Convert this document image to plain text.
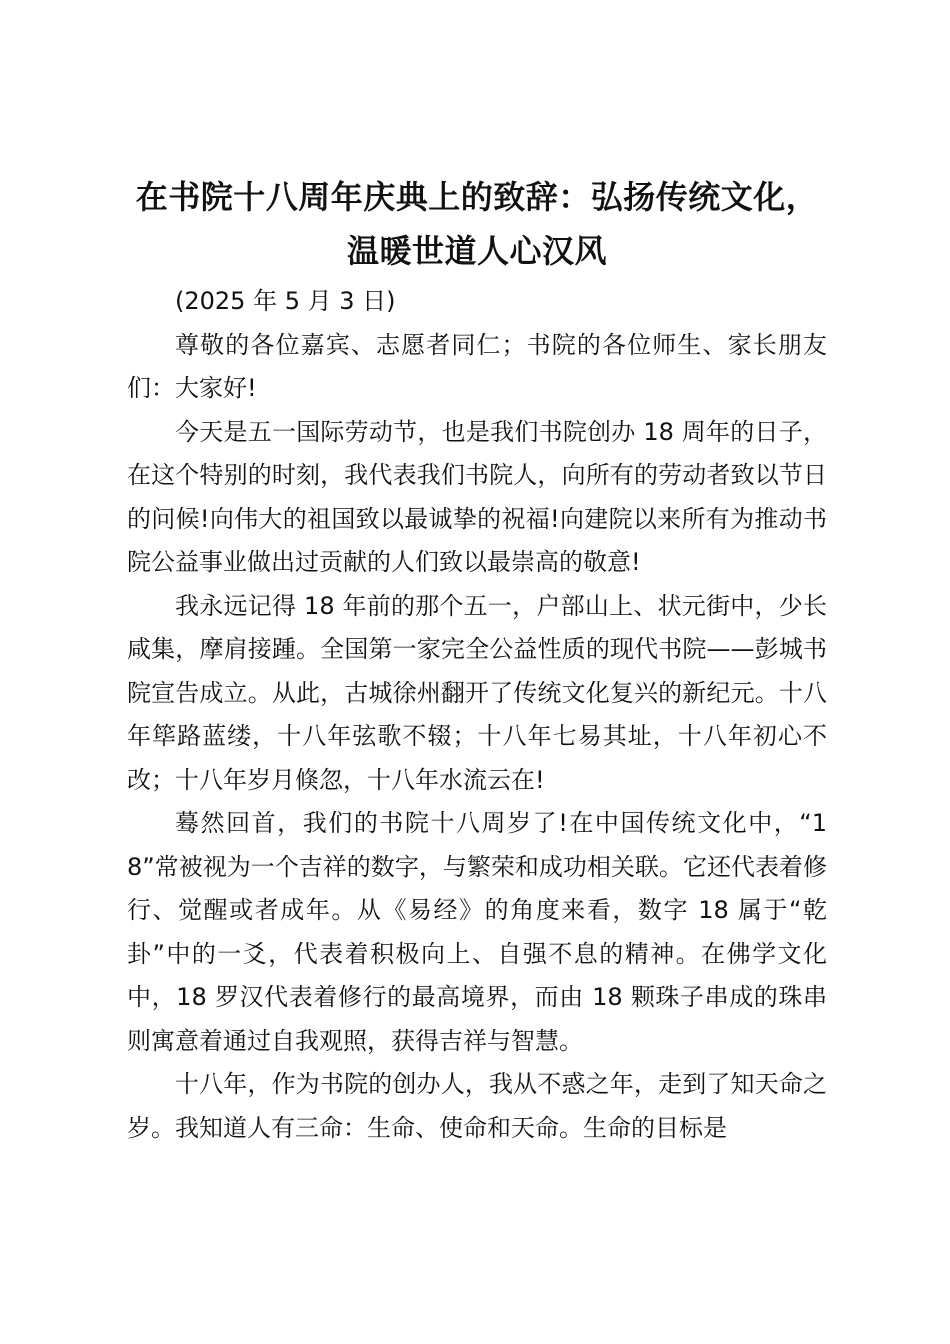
在书院十八周年庆典上的致辞：弘扬传统文化，温暖世道人心汉风

(2025 年 5 月 3 日)

尊敬的各位嘉宾、志愿者同仁；书院的各位师生、家长朋友们：大家好!

今天是五一国际劳动节，也是我们书院创办 18 周年的日子，在这个特别的时刻，我代表我们书院人，向所有的劳动者致以节日的问候!向伟大的祖国致以最诚挚的祝福!向建院以来所有为推动书院公益事业做出过贡献的人们致以最崇高的敬意!

我永远记得 18 年前的那个五一，户部山上、状元街中，少长咸集，摩肩接踵。全国第一家完全公益性质的现代书院——彭城书院宣告成立。从此，古城徐州翻开了传统文化复兴的新纪元。十八年筚路蓝缕，十八年弦歌不辍；十八年七易其址，十八年初心不改；十八年岁月倏忽，十八年水流云在!

蓦然回首，我们的书院十八周岁了!在中国传统文化中，“18”常被视为一个吉祥的数字，与繁荣和成功相关联。它还代表着修行、觉醒或者成年。从《易经》的角度来看，数字 18 属于“乾卦”中的一爻，代表着积极向上、自强不息的精神。在佛学文化中，18 罗汉代表着修行的最高境界，而由 18 颗珠子串成的珠串则寓意着通过自我观照，获得吉祥与智慧。

十八年，作为书院的创办人，我从不惑之年，走到了知天命之岁。我知道人有三命：生命、使命和天命。生命的目标是
